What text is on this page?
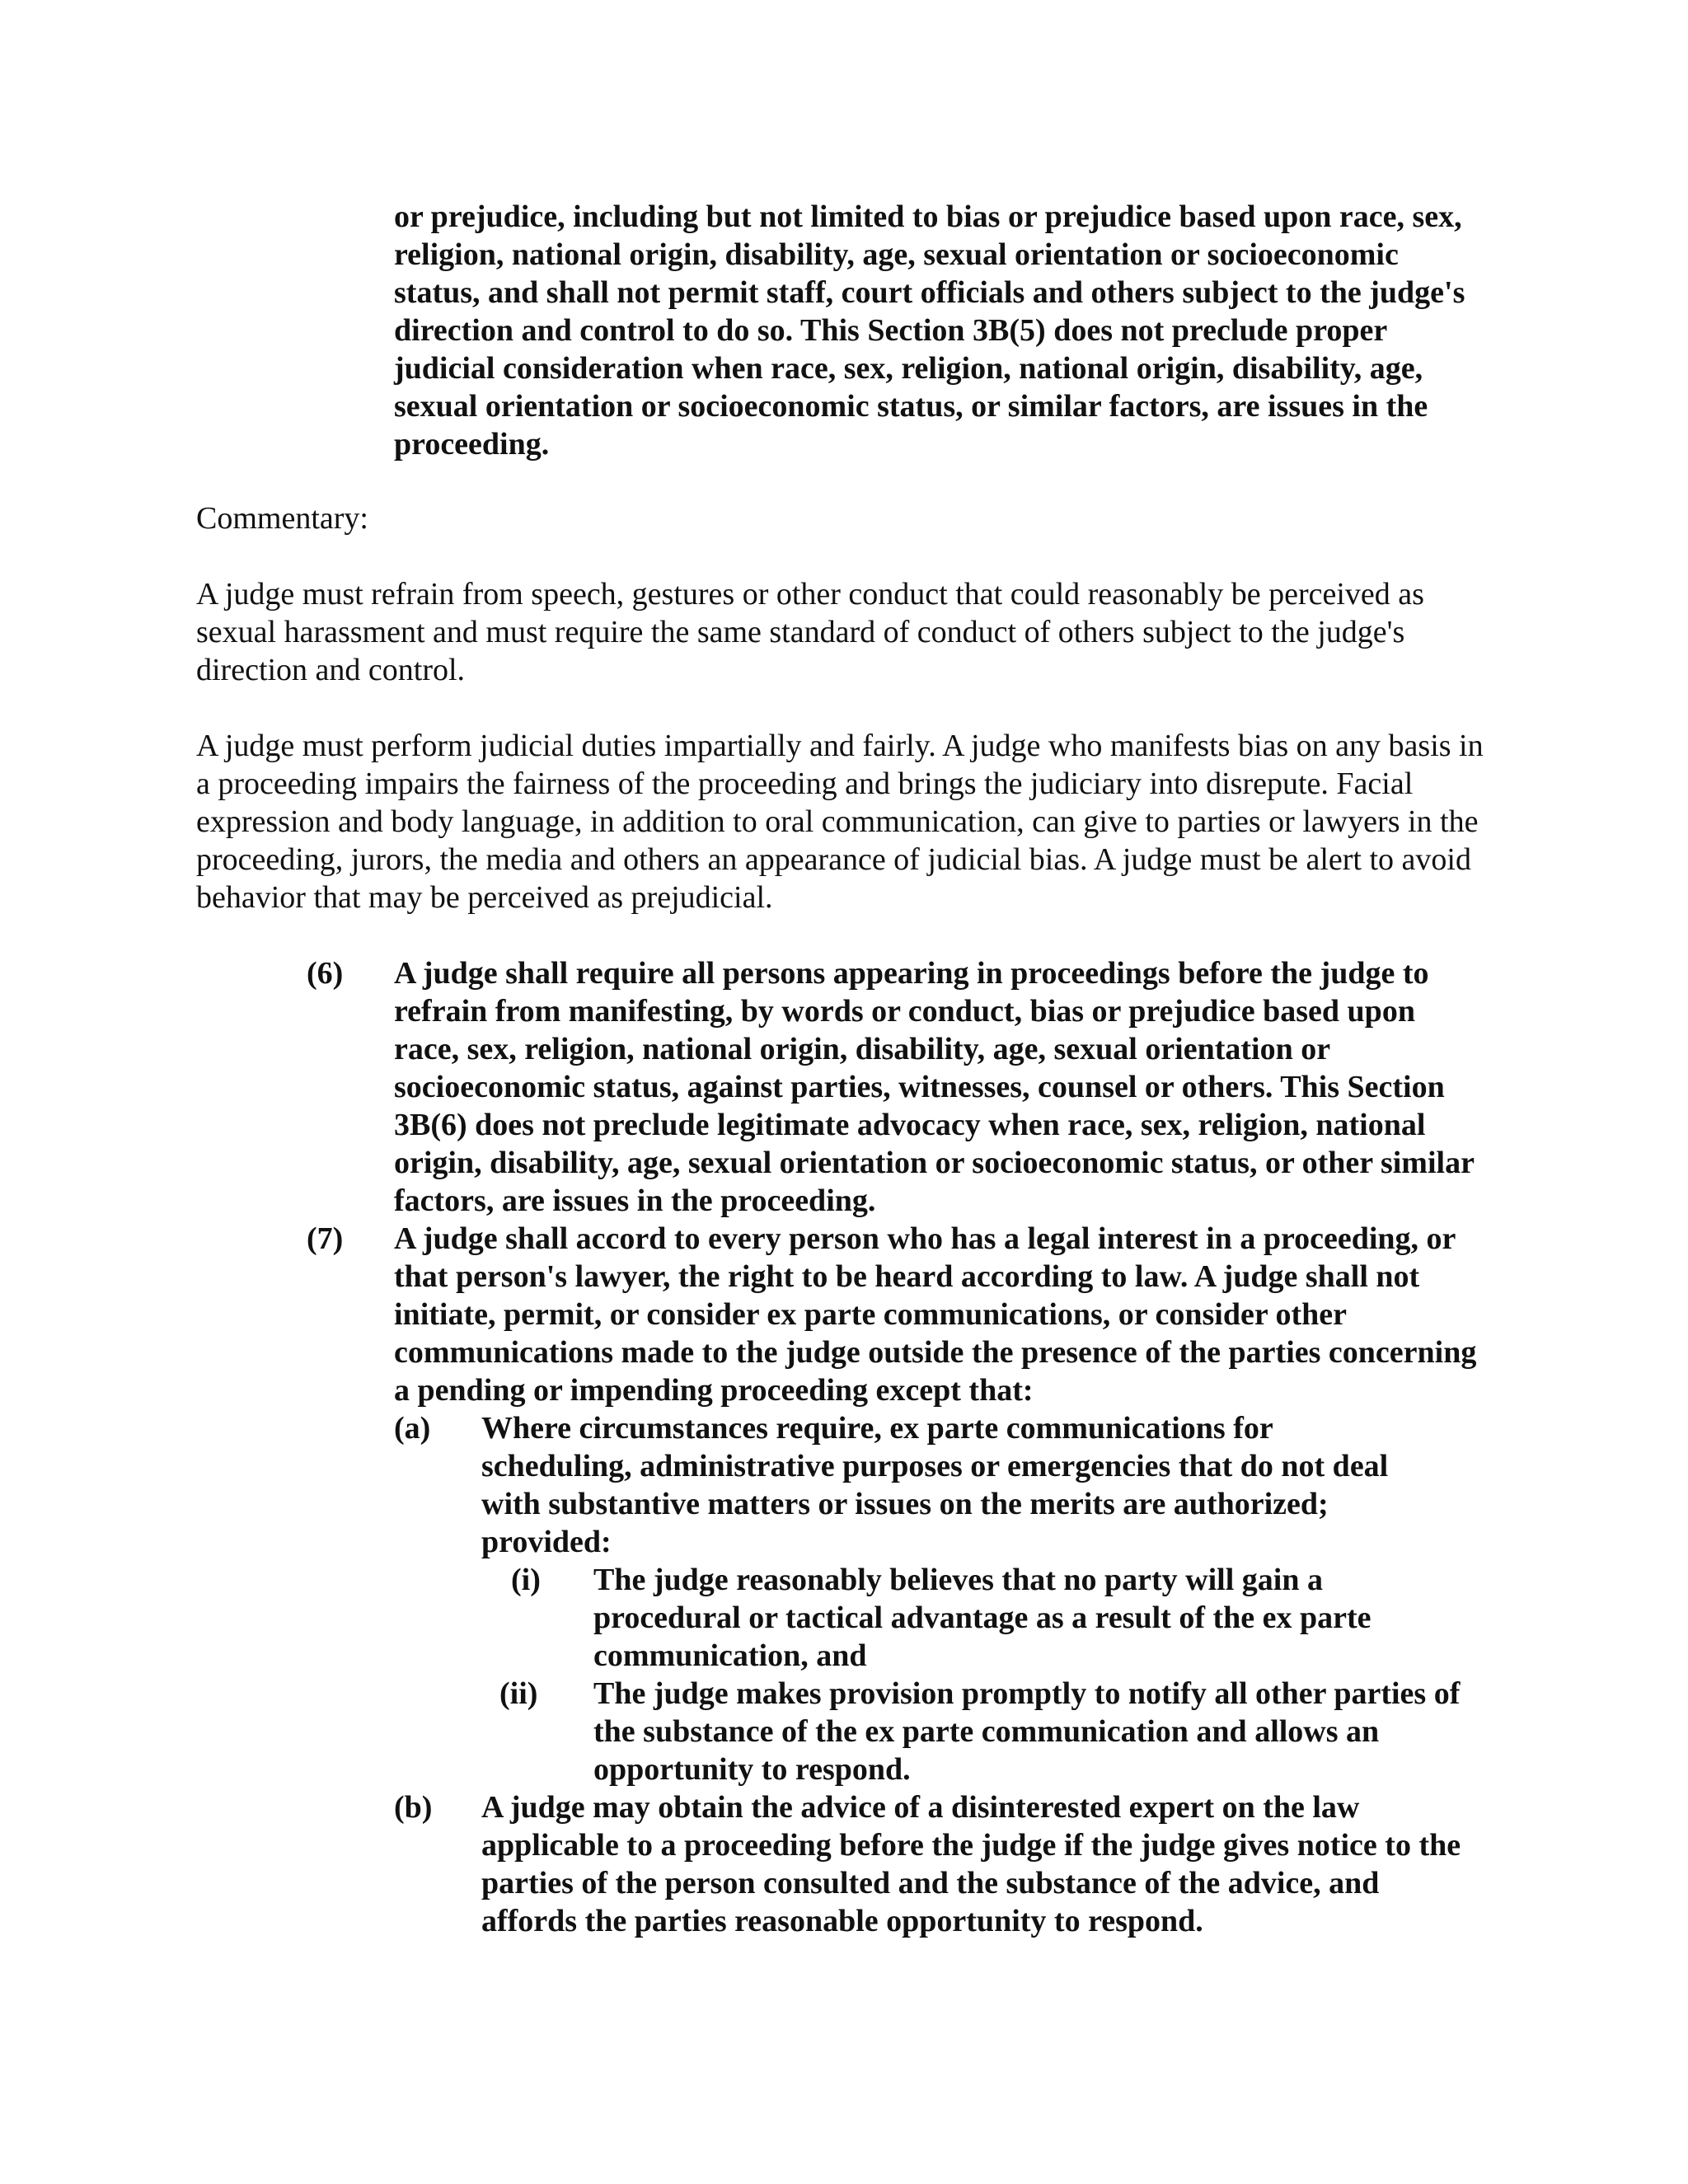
or prejudice, including but not limited to bias or prejudice based upon race, sex, religion, national origin, disability, age, sexual orientation or socioeconomic status, and shall not permit staff, court officials and others subject to the judge's direction and control to do so. This Section 3B(5) does not preclude proper judicial consideration when race, sex, religion, national origin, disability, age, sexual orientation or socioeconomic status, or similar factors, are issues in the proceeding.

Commentary:

A judge must refrain from speech, gestures or other conduct that could reasonably be perceived as sexual harassment and must require the same standard of conduct of others subject to the judge's direction and control.

A judge must perform judicial duties impartially and fairly. A judge who manifests bias on any basis in a proceeding impairs the fairness of the proceeding and brings the judiciary into disrepute. Facial expression and body language, in addition to oral communication, can give to parties or lawyers in the proceeding, jurors, the media and others an appearance of judicial bias. A judge must be alert to avoid behavior that may be perceived as prejudicial.

(6) A judge shall require all persons appearing in proceedings before the judge to refrain from manifesting, by words or conduct, bias or prejudice based upon race, sex, religion, national origin, disability, age, sexual orientation or socioeconomic status, against parties, witnesses, counsel or others. This Section 3B(6) does not preclude legitimate advocacy when race, sex, religion, national origin, disability, age, sexual orientation or socioeconomic status, or other similar factors, are issues in the proceeding.
(7) A judge shall accord to every person who has a legal interest in a proceeding, or that person's lawyer, the right to be heard according to law. A judge shall not initiate, permit, or consider ex parte communications, or consider other communications made to the judge outside the presence of the parties concerning a pending or impending proceeding except that:
(a) Where circumstances require, ex parte communications for scheduling, administrative purposes or emergencies that do not deal with substantive matters or issues on the merits are authorized; provided:
(i) The judge reasonably believes that no party will gain a procedural or tactical advantage as a result of the ex parte communication, and
(ii) The judge makes provision promptly to notify all other parties of the substance of the ex parte communication and allows an opportunity to respond.
(b) A judge may obtain the advice of a disinterested expert on the law applicable to a proceeding before the judge if the judge gives notice to the parties of the person consulted and the substance of the advice, and affords the parties reasonable opportunity to respond.
